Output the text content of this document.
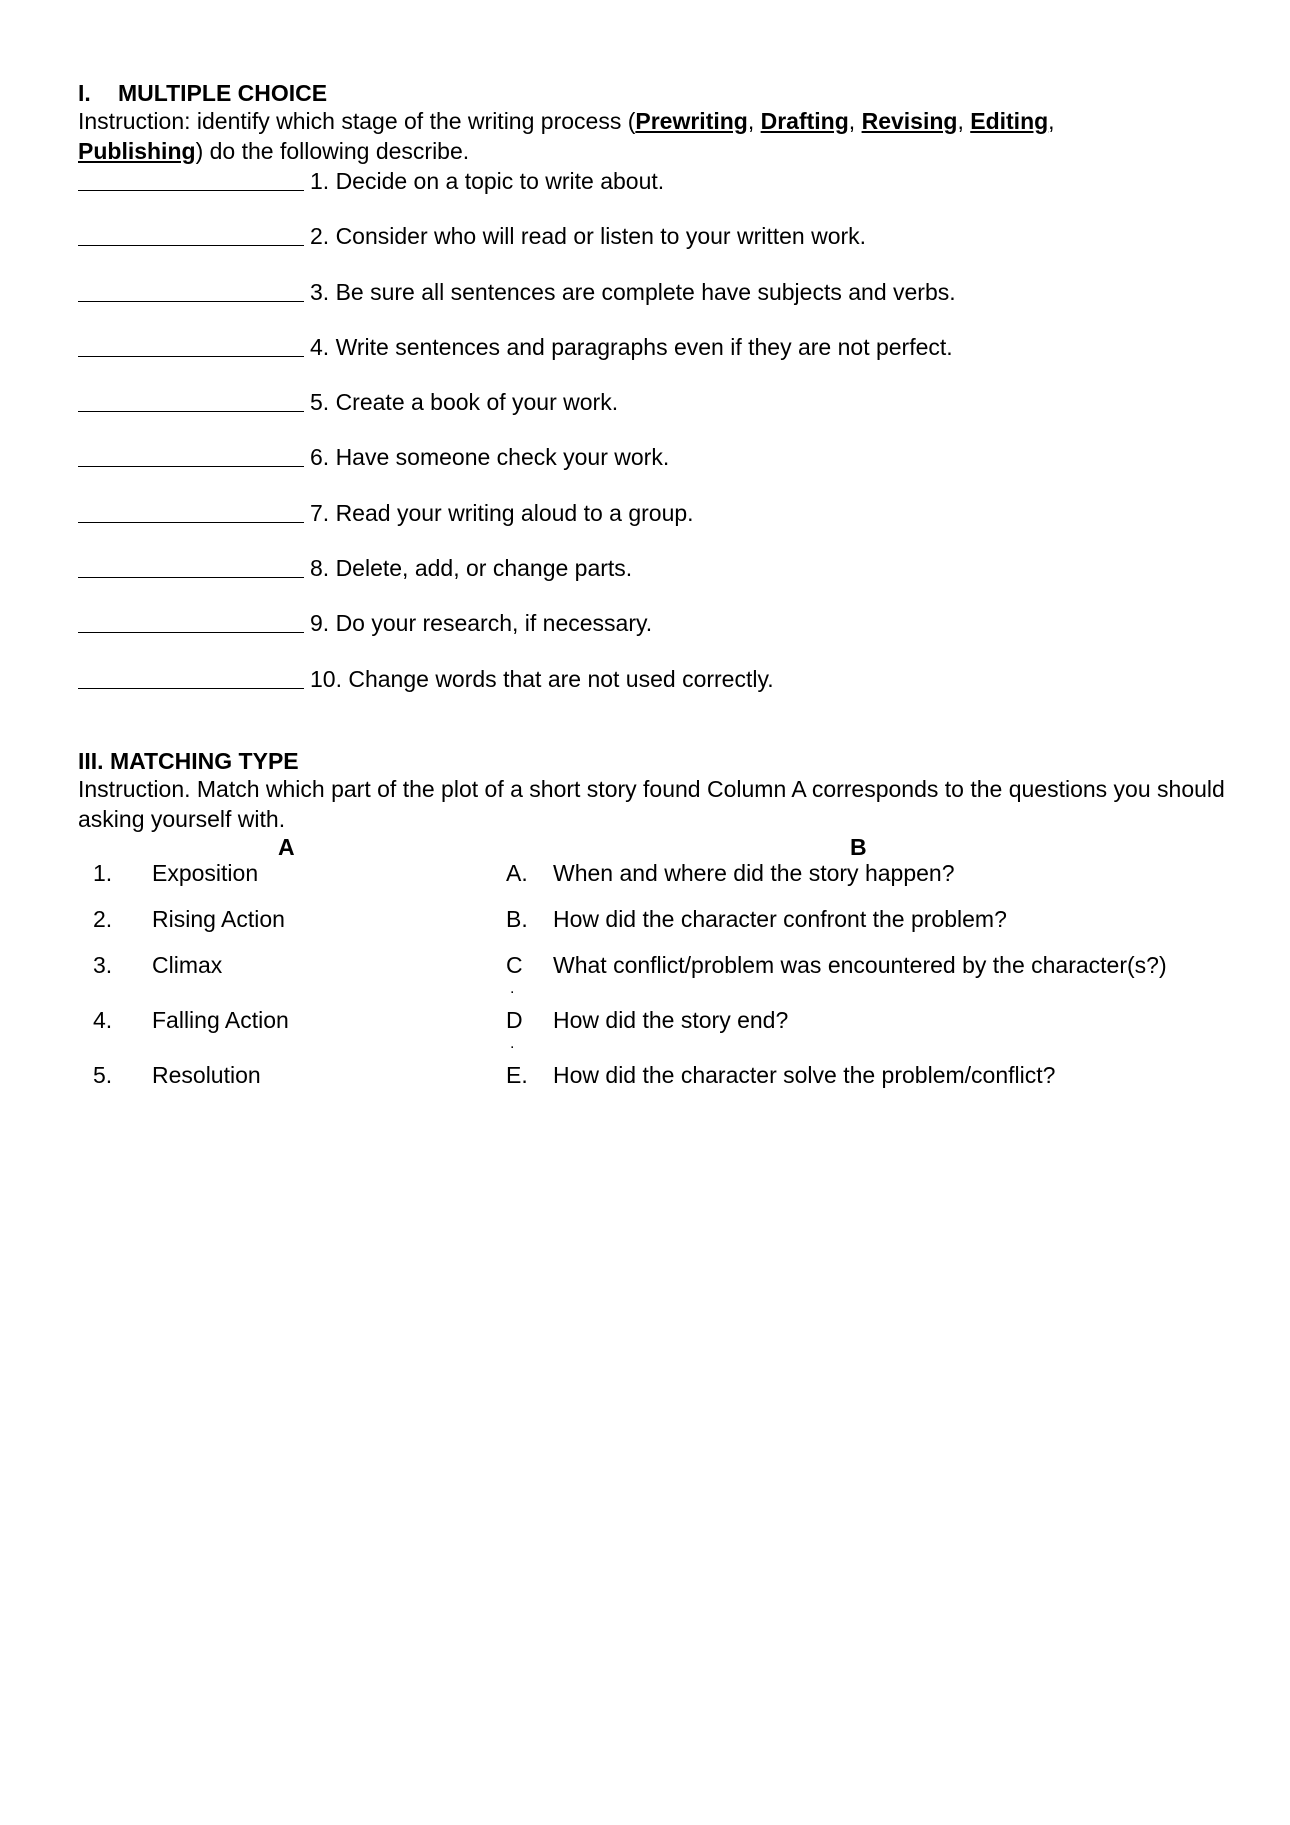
I. MULTIPLE CHOICE
Instruction: identify which stage of the writing process (Prewriting, Drafting, Revising, Editing,
Publishing) do the following describe.
1. Decide on a topic to write about.
2. Consider who will read or listen to your written work.
3. Be sure all sentences are complete have subjects and verbs.
4. Write sentences and paragraphs even if they are not perfect.
5. Create a book of your work.
6. Have someone check your work.
7. Read your writing aloud to a group.
8. Delete, add, or change parts.
9. Do your research, if necessary.
10. Change words that are not used correctly.
III. MATCHING TYPE
Instruction. Match which part of the plot of a short story found Column A corresponds to the questions you should asking yourself with.
A	B
1. Exposition	A. When and where did the story happen?
2. Rising Action	B. How did the character confront the problem?
3. Climax	C What conflict/problem was encountered by the character(s?)
.
4. Falling Action	D How did the story end?
.
5. Resolution	E. How did the character solve the problem/conflict?
